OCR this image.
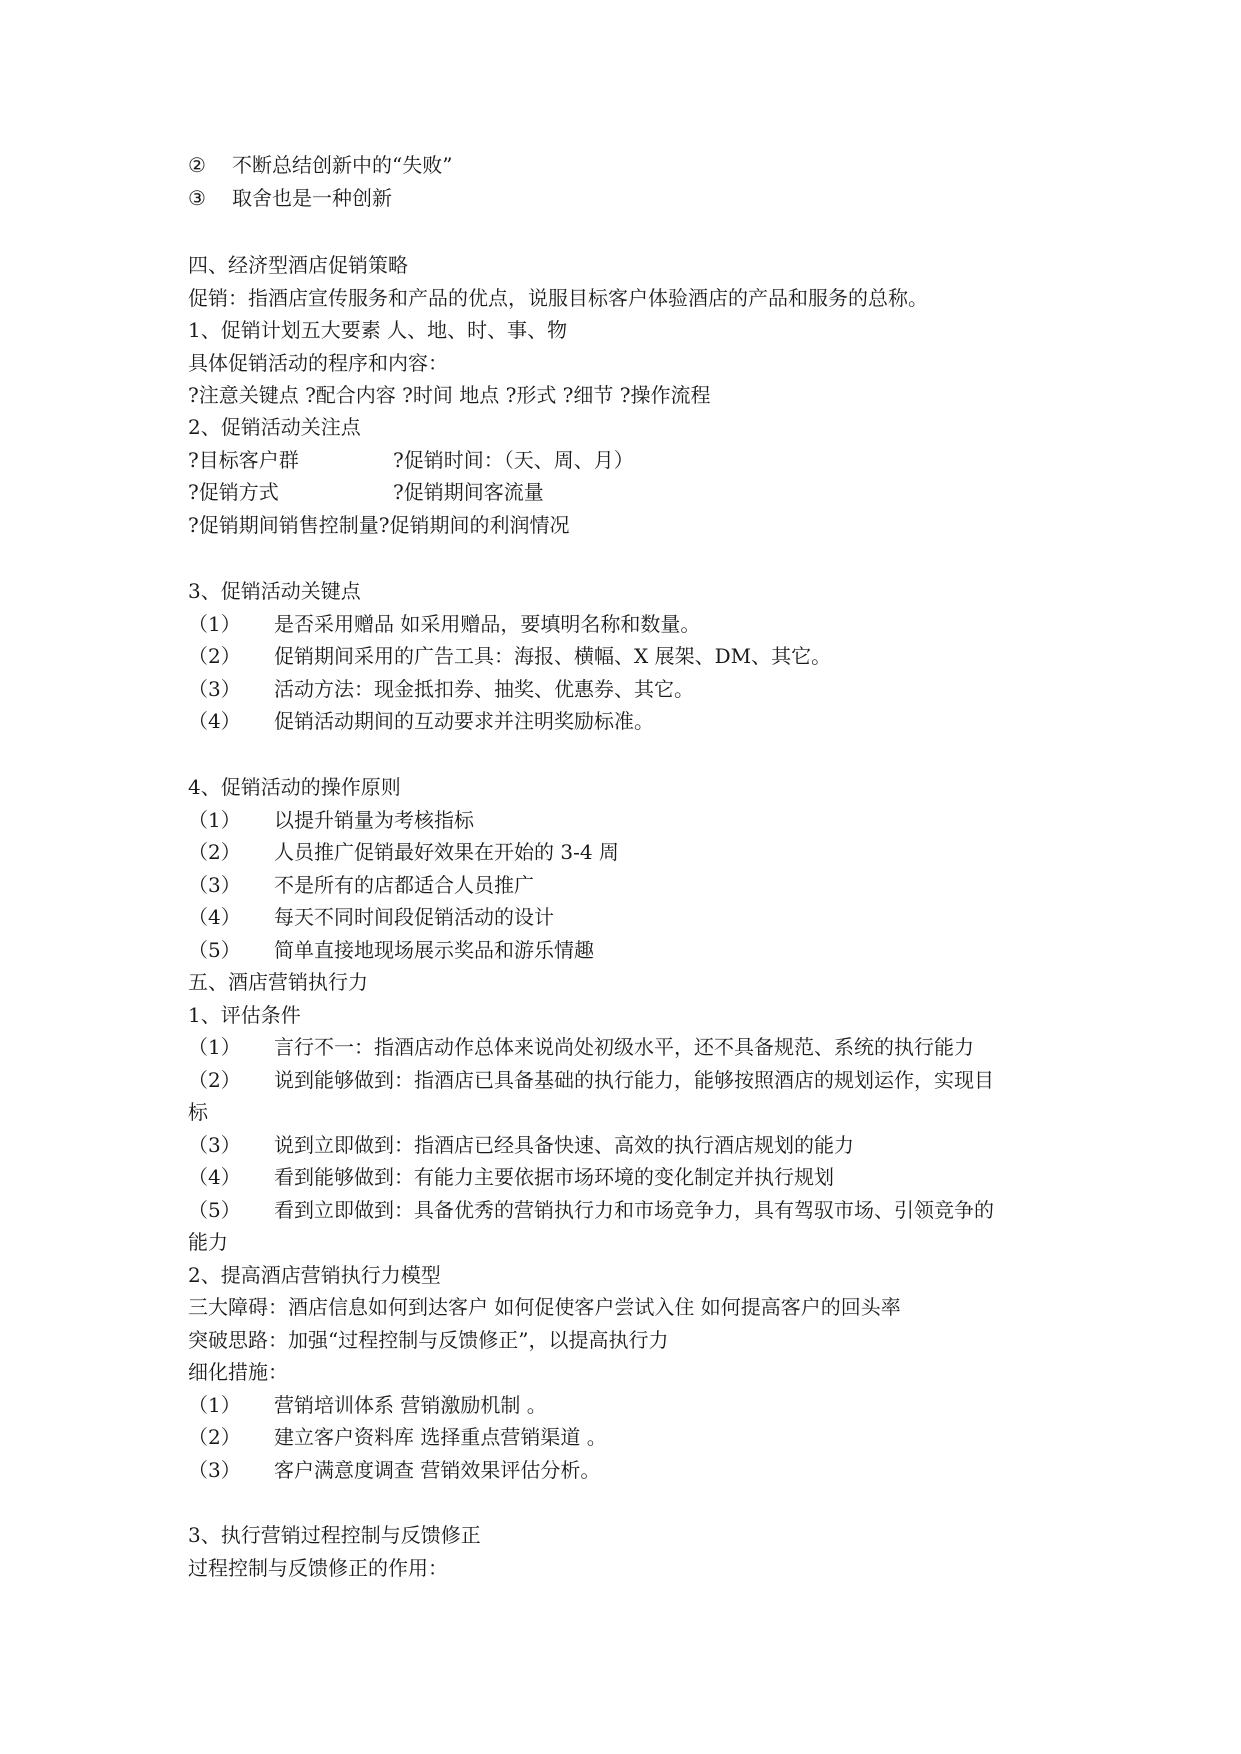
② 不断总结创新中的“失败”
③ 取舍也是一种创新
四、经济型酒店促销策略
促销：指酒店宣传服务和产品的优点，说服目标客户体验酒店的产品和服务的总称。
1、促销计划五大要素 人、地、时、事、物
具体促销活动的程序和内容：
?注意关键点 ?配合内容 ?时间 地点 ?形式 ?细节 ?操作流程
2、促销活动关注点
?目标客户群	?促销时间：（天、周、月）
?促销方式	?促销期间客流量
?促销期间销售控制量?促销期间的利润情况
3、促销活动关键点
（1） 是否采用赠品 如采用赠品，要填明名称和数量。
（2） 促销期间采用的广告工具：海报、横幅、X 展架、DM、其它。
（3） 活动方法：现金抵扣券、抽奖、优惠券、其它。
（4） 促销活动期间的互动要求并注明奖励标准。
4、促销活动的操作原则
（1） 以提升销量为考核指标
（2） 人员推广促销最好效果在开始的 3-4 周
（3） 不是所有的店都适合人员推广
（4） 每天不同时间段促销活动的设计
（5） 简单直接地现场展示奖品和游乐情趣
五、酒店营销执行力
1、评估条件
（1） 言行不一：指酒店动作总体来说尚处初级水平，还不具备规范、系统的执行能力
（2） 说到能够做到：指酒店已具备基础的执行能力，能够按照酒店的规划运作，实现目
标
（3） 说到立即做到：指酒店已经具备快速、高效的执行酒店规划的能力
（4） 看到能够做到：有能力主要依据市场环境的变化制定并执行规划
（5） 看到立即做到：具备优秀的营销执行力和市场竞争力，具有驾驭市场、引领竞争的
能力
2、提高酒店营销执行力模型
三大障碍：酒店信息如何到达客户 如何促使客户尝试入住 如何提高客户的回头率
突破思路：加强“过程控制与反馈修正”，以提高执行力
细化措施：
（1） 营销培训体系 营销激励机制 。
（2） 建立客户资料库 选择重点营销渠道 。
（3） 客户满意度调查 营销效果评估分析。
3、执行营销过程控制与反馈修正
过程控制与反馈修正的作用：
